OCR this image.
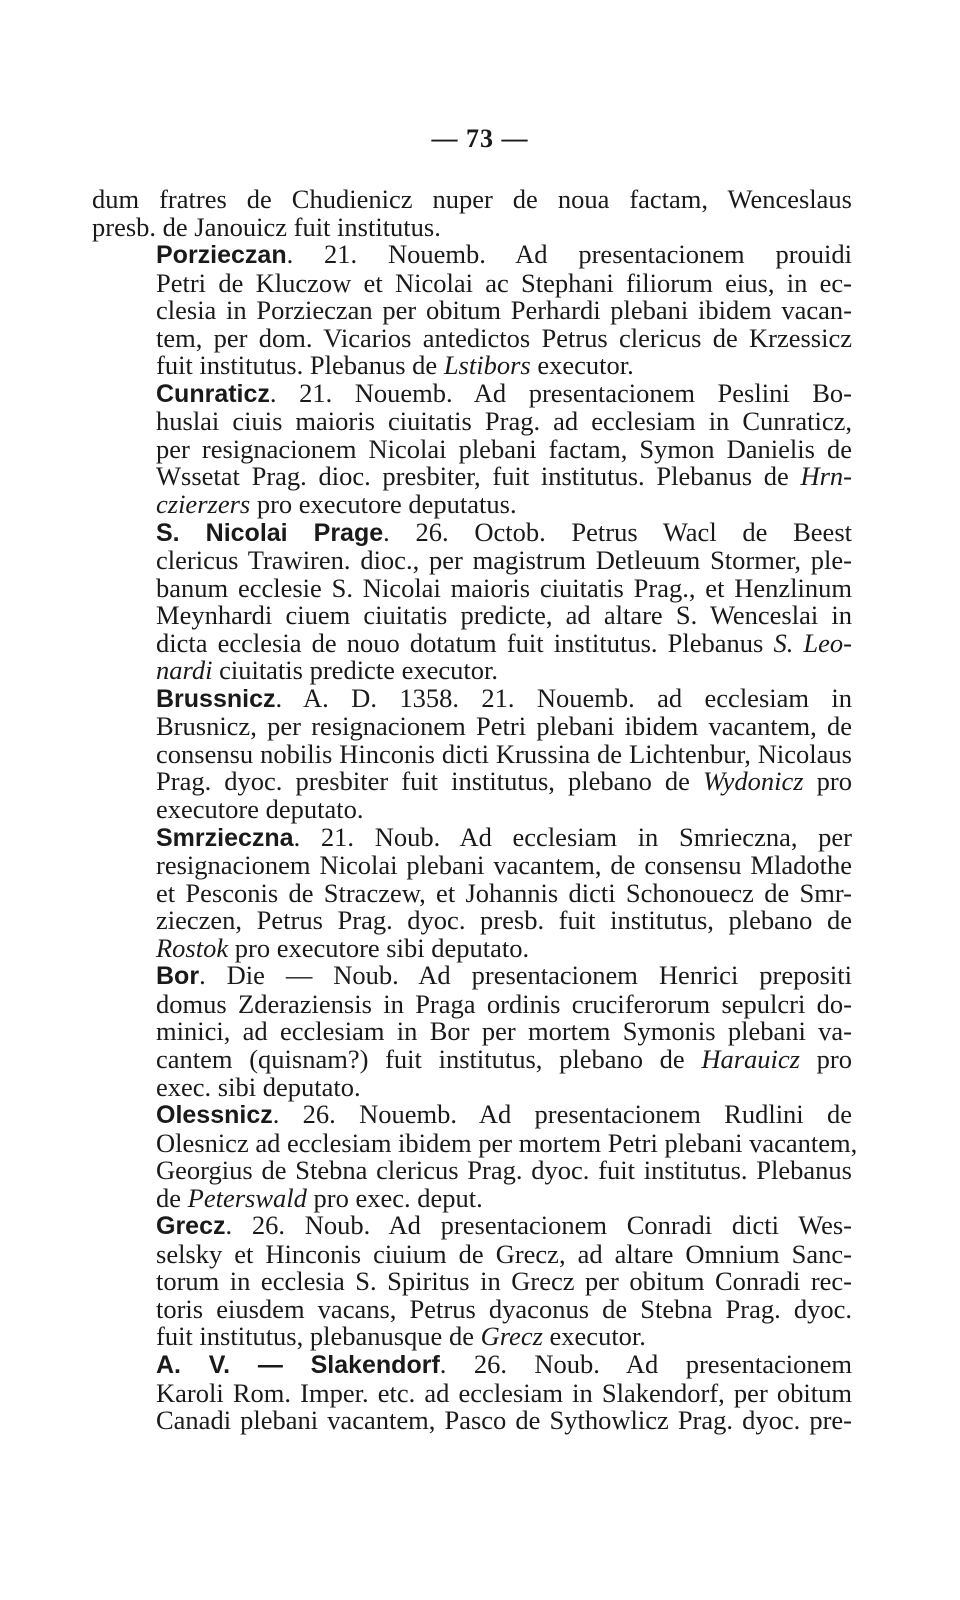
— 73 —

dum fratres de Chudienicz nuper de noua factam, Wenceslaus
presb. de Janouicz fuit institutus.

Porzieczan. 21. Nouemb. Ad presentacionem prouidi
Petri de Kluczow et Nicolai ac Stephani filiorum eius, in ec-
clesia in Porzieczan per obitum Perhardi plebani ibidem vacan-
tem, per dom. Vicarios antedictos Petrus clericus de Krzessicz
fuit institutus. Plebanus de Lstibors executor.

Cunraticz. 21. Nouemb. Ad presentacionem Peslini Bo-
huslai ciuis maioris ciuitatis Prag. ad ecclesiam in Cunraticz,
per resignacionem Nicolai plebani factam, Symon Danielis de
Wssetat Prag. dioc. presbiter, fuit institutus. Plebanus de Hrn-
czierzers pro executore deputatus.

S. Nicolai Prage. 26. Octob. Petrus Wacl de Beest
clericus Trawiren. dioc., per magistrum Detleuum Stormer, ple-
banum ecclesie S. Nicolai maioris ciuitatis Prag., et Henzlinum
Meynhardi ciuem ciuitatis predicte, ad altare S. Wenceslai in
dicta ecclesia de nouo dotatum fuit institutus. Plebanus S. Leo-
nardi ciuitatis predicte executor.

Brussnicz. A. D. 1358. 21. Nouemb. ad ecclesiam in
Brusnicz, per resignacionem Petri plebani ibidem vacantem, de
consensu nobilis Hinconis dicti Krussina de Lichtenbur, Nicolaus
Prag. dyoc. presbiter fuit institutus, plebano de Wydonicz pro
executore deputato.

Smrzieczna. 21. Noub. Ad ecclesiam in Smrieczna, per
resignacionem Nicolai plebani vacantem, de consensu Mladothe
et Pesconis de Straczew, et Johannis dicti Schonouecz de Smr-
zieczen, Petrus Prag. dyoc. presb. fuit institutus, plebano de
Rostok pro executore sibi deputato.

Bor. Die — Noub. Ad presentacionem Henrici prepositi
domus Zderaziensis in Praga ordinis cruciferorum sepulcri do-
minici, ad ecclesiam in Bor per mortem Symonis plebani va-
cantem (quisnam?) fuit institutus, plebano de Harauicz pro
exec. sibi deputato.

Olessnicz. 26. Nouemb. Ad presentacionem Rudlini de
Olesnicz ad ecclesiam ibidem per mortem Petri plebani vacantem,
Georgius de Stebna clericus Prag. dyoc. fuit institutus. Plebanus
de Peterswald pro exec. deput.

Grecz. 26. Noub. Ad presentacionem Conradi dicti Wes-
selsky et Hinconis ciuium de Grecz, ad altare Omnium Sanc-
torum in ecclesia S. Spiritus in Grecz per obitum Conradi rec-
toris eiusdem vacans, Petrus dyaconus de Stebna Prag. dyoc.
fuit institutus, plebanusque de Grecz executor.

A. V. — Slakendorf. 26. Noub. Ad presentacionem
Karoli Rom. Imper. etc. ad ecclesiam in Slakendorf, per obitum
Canadi plebani vacantem, Pasco de Sythowlicz Prag. dyoc. pre-
